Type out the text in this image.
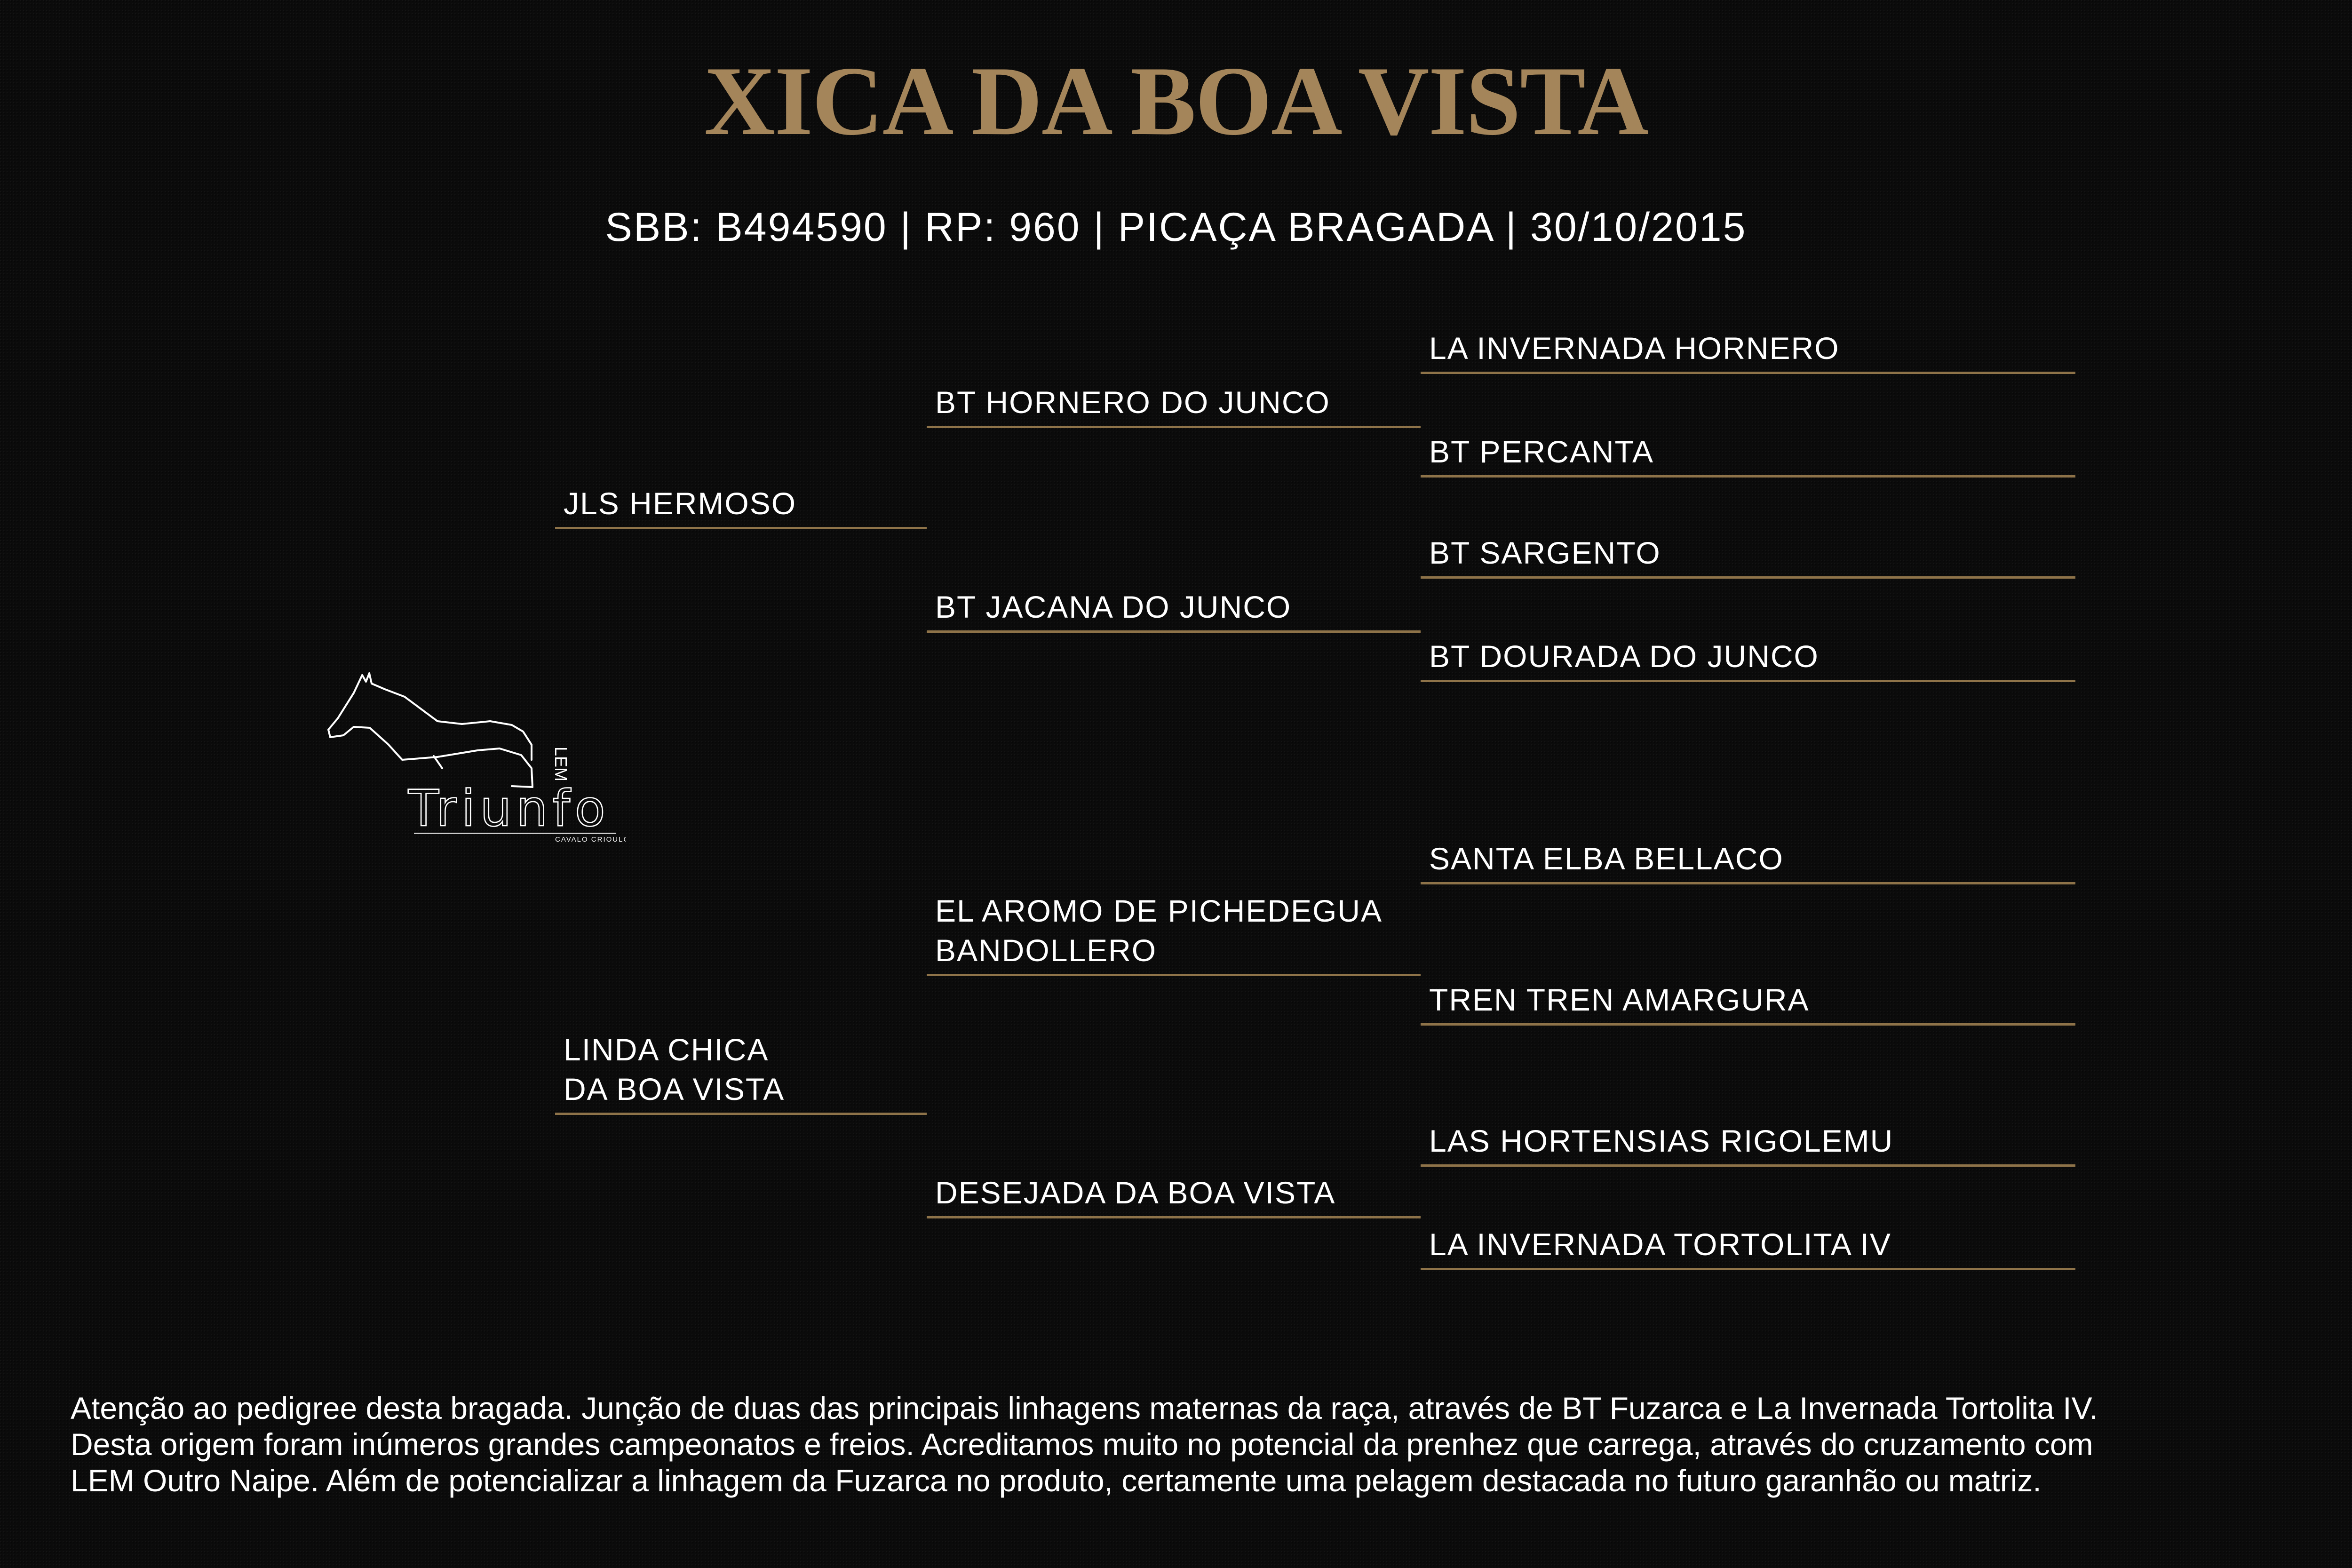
XICA DA BOA VISTA
SBB: B494590 | RP: 960 | PICAÇA BRAGADA | 30/10/2015
JLS HERMOSO
LINDA CHICA
DA BOA VISTA
BT HORNERO DO JUNCO
BT JACANA DO JUNCO
EL AROMO DE PICHEDEGUA
BANDOLLERO
DESEJADA DA BOA VISTA
LA INVERNADA HORNERO
BT PERCANTA
BT SARGENTO
BT DOURADA DO JUNCO
SANTA ELBA BELLACO
TREN TREN AMARGURA
LAS HORTENSIAS RIGOLEMU
LA INVERNADA TORTOLITA IV
LEM
Triunfo
CAVALO CRIOULO
Atenção ao pedigree desta bragada. Junção de duas das principais linhagens maternas da raça, através de BT Fuzarca e La Invernada Tortolita IV.
Desta origem foram inúmeros grandes campeonatos e freios. Acreditamos muito no potencial da prenhez que carrega, através do cruzamento com
LEM Outro Naipe. Além de potencializar a linhagem da Fuzarca no produto, certamente uma pelagem destacada no futuro garanhão ou matriz.
